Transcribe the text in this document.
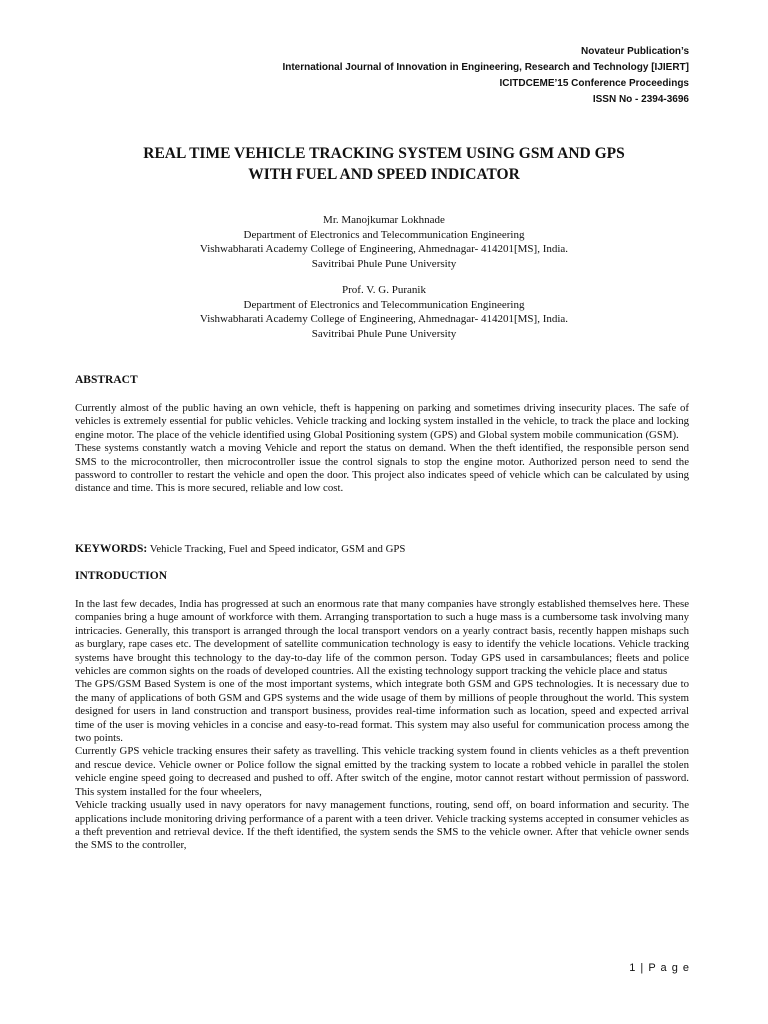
Novateur Publication’s
International Journal of Innovation in Engineering, Research and Technology [IJIERT]
ICITDCEME’15 Conference Proceedings
ISSN No - 2394-3696
REAL TIME VEHICLE TRACKING SYSTEM USING GSM AND GPS
WITH FUEL AND SPEED INDICATOR
Mr. Manojkumar Lokhnade
Department of Electronics and Telecommunication Engineering
Vishwabharati Academy College of Engineering, Ahmednagar- 414201[MS], India.
Savitribai Phule Pune University
Prof. V. G. Puranik
Department of Electronics and Telecommunication Engineering
Vishwabharati Academy College of Engineering, Ahmednagar- 414201[MS], India.
Savitribai Phule Pune University
ABSTRACT

Currently almost of the public having an own vehicle, theft is happening on parking and sometimes driving insecurity places. The safe of vehicles is extremely essential for public vehicles. Vehicle tracking and locking system installed in the vehicle, to track the place and locking engine motor. The place of the vehicle identified using Global Positioning system (GPS) and Global system mobile communication (GSM).

These systems constantly watch a moving Vehicle and report the status on demand. When the theft identified, the responsible person send SMS to the microcontroller, then microcontroller issue the control signals to stop the engine motor. Authorized person need to send the password to controller to restart the vehicle and open the door. This project also indicates speed of vehicle which can be calculated by using distance and time. This is more secured, reliable and low cost.

KEYWORDS: Vehicle Tracking, Fuel and Speed indicator, GSM and GPS
INTRODUCTION

In the last few decades, India has progressed at such an enormous rate that many companies have strongly established themselves here. These companies bring a huge amount of workforce with them. Arranging transportation to such a huge mass is a cumbersome task involving many intricacies. Generally, this transport is arranged through the local transport vendors on a yearly contract basis, recently happen mishaps such as burglary, rape cases etc. The development of satellite communication technology is easy to identify the vehicle locations. Vehicle tracking systems have brought this technology to the day-to-day life of the common person. Today GPS used in carsambulances; fleets and police vehicles are common sights on the roads of developed countries. All the existing technology support tracking the vehicle place and status

The GPS/GSM Based System is one of the most important systems, which integrate both GSM and GPS technologies. It is necessary due to the many of applications of both GSM and GPS systems and the wide usage of them by millions of people throughout the world. This system designed for users in land construction and transport business, provides real-time information such as location, speed and expected arrival time of the user is moving vehicles in a concise and easy-to-read format. This system may also useful for communication process among the two points.

Currently GPS vehicle tracking ensures their safety as travelling. This vehicle tracking system found in clients vehicles as a theft prevention and rescue device. Vehicle owner or Police follow the signal emitted by the tracking system to locate a robbed vehicle in parallel the stolen vehicle engine speed going to decreased and pushed to off. After switch of the engine, motor cannot restart without permission of password. This system installed for the four wheelers,

Vehicle tracking usually used in navy operators for navy management functions, routing, send off, on board information and security. The applications include monitoring driving performance of a parent with a teen driver. Vehicle tracking systems accepted in consumer vehicles as a theft prevention and retrieval device. If the theft identified, the system sends the SMS to the vehicle owner. After that vehicle owner sends the SMS to the controller,

1 | P a g e
